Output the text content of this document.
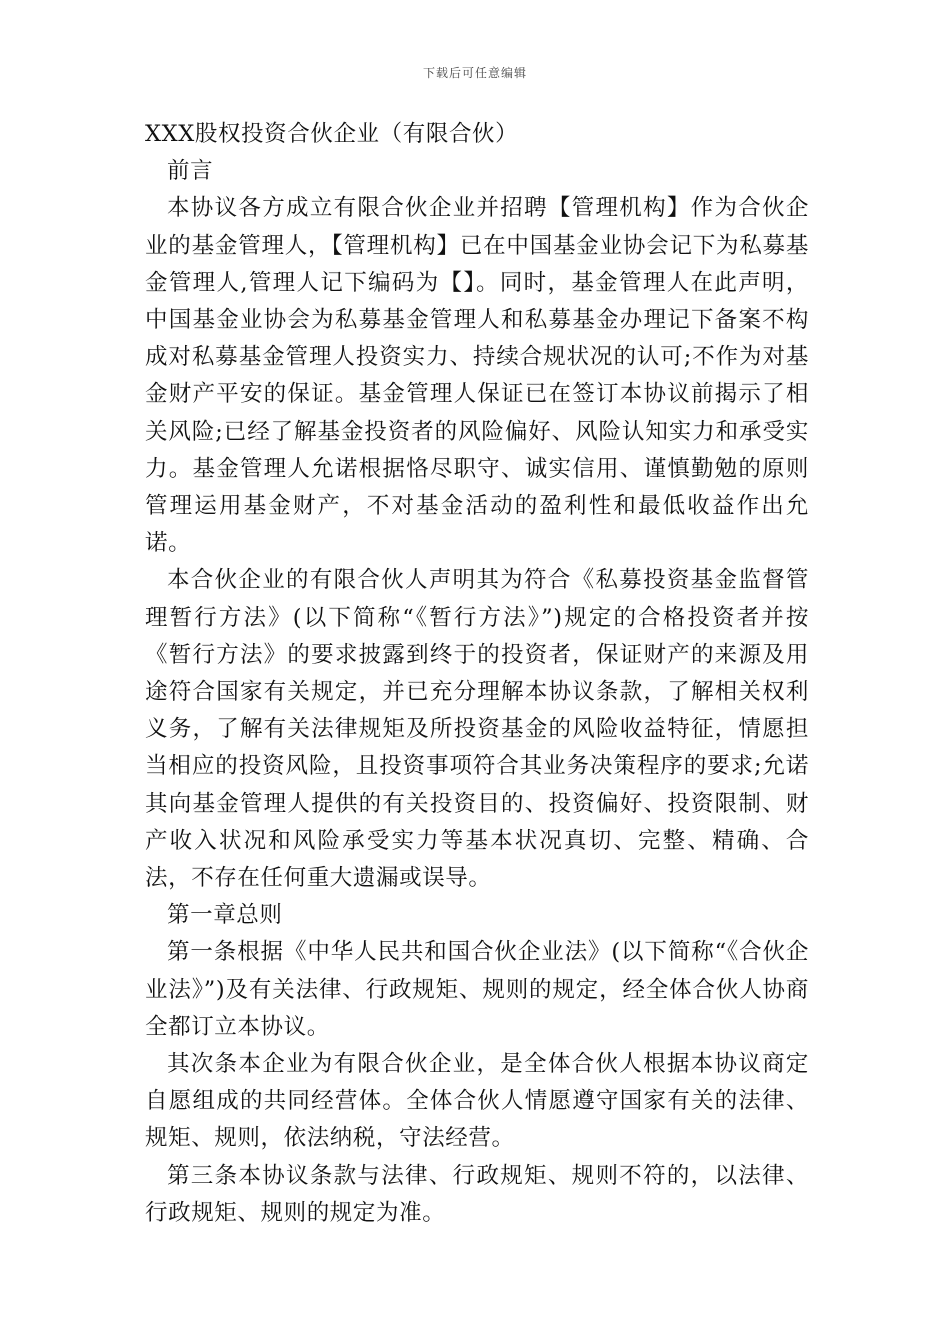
下载后可任意编辑

XXX股权投资合伙企业（有限合伙）

前言

本协议各方成立有限合伙企业并招聘【管理机构】作为合伙企业的基金管理人，【管理机构】已在中国基金业协会记下为私募基金管理人,管理人记下编码为【】。同时，基金管理人在此声明，中国基金业协会为私募基金管理人和私募基金办理记下备案不构成对私募基金管理人投资实力、持续合规状况的认可;不作为对基金财产平安的保证。基金管理人保证已在签订本协议前揭示了相关风险;已经了解基金投资者的风险偏好、风险认知实力和承受实力。基金管理人允诺根据恪尽职守、诚实信用、谨慎勤勉的原则管理运用基金财产，不对基金活动的盈利性和最低收益作出允诺。

本合伙企业的有限合伙人声明其为符合《私募投资基金监督管理暂行方法》(以下简称“《暂行方法》”)规定的合格投资者并按《暂行方法》的要求披露到终于的投资者，保证财产的来源及用途符合国家有关规定，并已充分理解本协议条款，了解相关权利义务，了解有关法律规矩及所投资基金的风险收益特征，情愿担当相应的投资风险，且投资事项符合其业务决策程序的要求;允诺其向基金管理人提供的有关投资目的、投资偏好、投资限制、财产收入状况和风险承受实力等基本状况真切、完整、精确、合法，不存在任何重大遗漏或误导。

第一章总则

第一条根据《中华人民共和国合伙企业法》(以下简称“《合伙企业法》”)及有关法律、行政规矩、规则的规定，经全体合伙人协商全都订立本协议。

其次条本企业为有限合伙企业，是全体合伙人根据本协议商定自愿组成的共同经营体。全体合伙人情愿遵守国家有关的法律、规矩、规则，依法纳税，守法经营。

第三条本协议条款与法律、行政规矩、规则不符的，以法律、行政规矩、规则的规定为准。
